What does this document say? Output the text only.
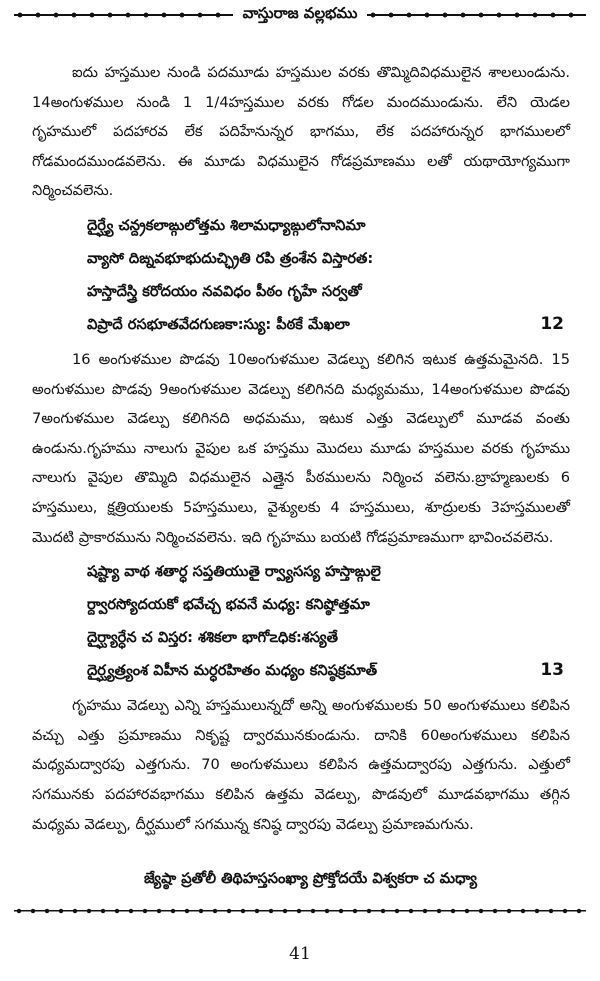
వాస్తురాజ వల్లభము

ఐదు హస్తముల నుండి పదమూడు హస్తముల వరకు తొమ్మిదివిధములైన శాలలుండును. 14అంగుళముల నుండి 1 1/4హస్తముల వరకు గోడల మందముండును. లేని యెడల గృహములో పదహారవ లేక పదిహేనున్నర భాగము, లేక పదహారున్నర భాగములలో గోడమందముండవలెను. ఈ మూడు విధములైన గోడప్రమాణము లతో యథాయోగ్యముగా నిర్మించవలెను.

దైర్ఘ్యే చన్ద్రకలాఙ్గులోత్తమ శిలామధ్యాఙ్గులోనానిమా
వ్యాసో దిఙ్నవభూభుదుచ్ఛ్రితి రపి త్రంశేన విస్తారత:
హస్తాదేస్త్రి కరోదయం నవవిధం పీఠం గృహే సర్వతో
విప్రాదే రసభూతవేదగుణకా:స్యు: పీఠకే మేఖలా	12

16 అంగుళముల పొడవు 10అంగుళముల వెడల్పు కలిగిన ఇటుక ఉత్తమమైనది. 15 అంగుళముల పొడవు 9అంగుళముల వెడల్పు కలిగినది మధ్యమము, 14అంగుళముల పొడవు 7అంగుళముల వెడల్పు కలిగినది అధమము, ఇటుక ఎత్తు వెడల్పులో మూడవ వంతు ఉండును.గృహము నాలుగు వైపుల ఒక హస్తము మొదలు మూడు హస్తముల వరకు గృహము నాలుగు వైపుల తొమ్మిది విధములైన ఎత్తైన పీఠములను నిర్మించ వలెను.బ్రాహ్మణులకు 6 హస్తములు, క్షత్రియులకు 5హస్తములు, వైశ్యులకు 4 హస్తములు, శూద్రులకు 3హస్తములతో మొదటి ప్రాకారమును నిర్మించవలెను. ఇది గృహము బయటి గోడప్రమాణముగా భావించవలెను.

షష్ట్యా వాథ శతార్ధ సప్తతియుతై ర్వ్యాసస్య హస్తాఙ్గులై
ర్ద్వారస్యోదయకో భవేచ్చ భవనే మధ్య: కనిష్ఠోత్తమా
దైర్ఘ్యార్ధేన చ విస్తర: శశికలా భాగో౽ధిక:శస్యతే
దైర్ఘ్యత్ర్యంశ విహీన మర్ధరహితం మధ్యం కనిష్ఠక్రమాత్	13

గృహము వెడల్పు ఎన్ని హస్తములున్నదో అన్ని అంగుళములకు 50 అంగుళములు కలిపిన వచ్చు ఎత్తు ప్రమాణము నికృష్ట ద్వారమునకుండును. దానికి 60అంగుళములు కలిపిన మధ్యమద్వారపు ఎత్తగును. 70 అంగుళములు కలిపిన ఉత్తమద్వారపు ఎత్తగును. ఎత్తులో సగమునకు పదహారవభాగము కలిపిన ఉత్తమ వెడల్పు, పొడవులో మూడవభాగము తగ్గిన మధ్యమ వెడల్పు, దీర్ఘములో సగమున్న కనిష్ఠ ద్వారపు వెడల్పు ప్రమాణమగును.

జ్యేష్ఠా ప్రతోలీ తిథిహస్తసంఖ్యా ప్రోక్తోదయే విశ్వకరా చ మధ్యా
41
